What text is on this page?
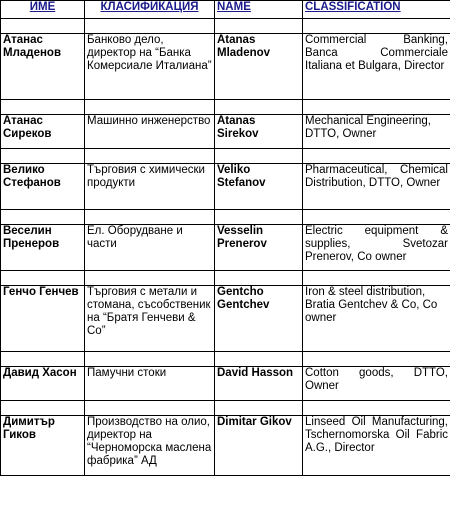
ИМЕ	КЛАСИФИКАЦИЯ	NAME	CLASSIFICATION

Атанас Младенов	Банково дело, директор на “Банка Комерсиале Италиана”	Atanas Mladenov	Commercial Banking, Banca Commerciale Italiana et Bulgara, Director

Атанас Сиреков	Машинно инженерство	Atanas Sirekov	Mechanical Engineering, DTTO, Owner

Велико Стефанов	Търговия с химически продукти	Veliko Stefanov	Pharmaceutical, Chemical Distribution, DTTO, Owner

Веселин Пренеров	Ел. Оборудване и части	Vesselin Prenerov	Electric equipment & supplies, Svetozar Prenerov, Co owner

Генчо Генчев	Търговия с метали и стомана, съсобственик на “Братя Генчеви & Co”	Gentcho Gentchev	Iron & steel distribution, Bratia Gentchev & Co, Co owner

Давид Хасон	Памучни стоки	David Hasson	Cotton goods, DTTO, Owner

Димитър Гиков	Производство на олио, директор на “Черноморска маслена фабрика” АД	Dimitar Gikov	Linseed Oil Manufacturing, Tschernomorska Oil Fabric A.G., Director
